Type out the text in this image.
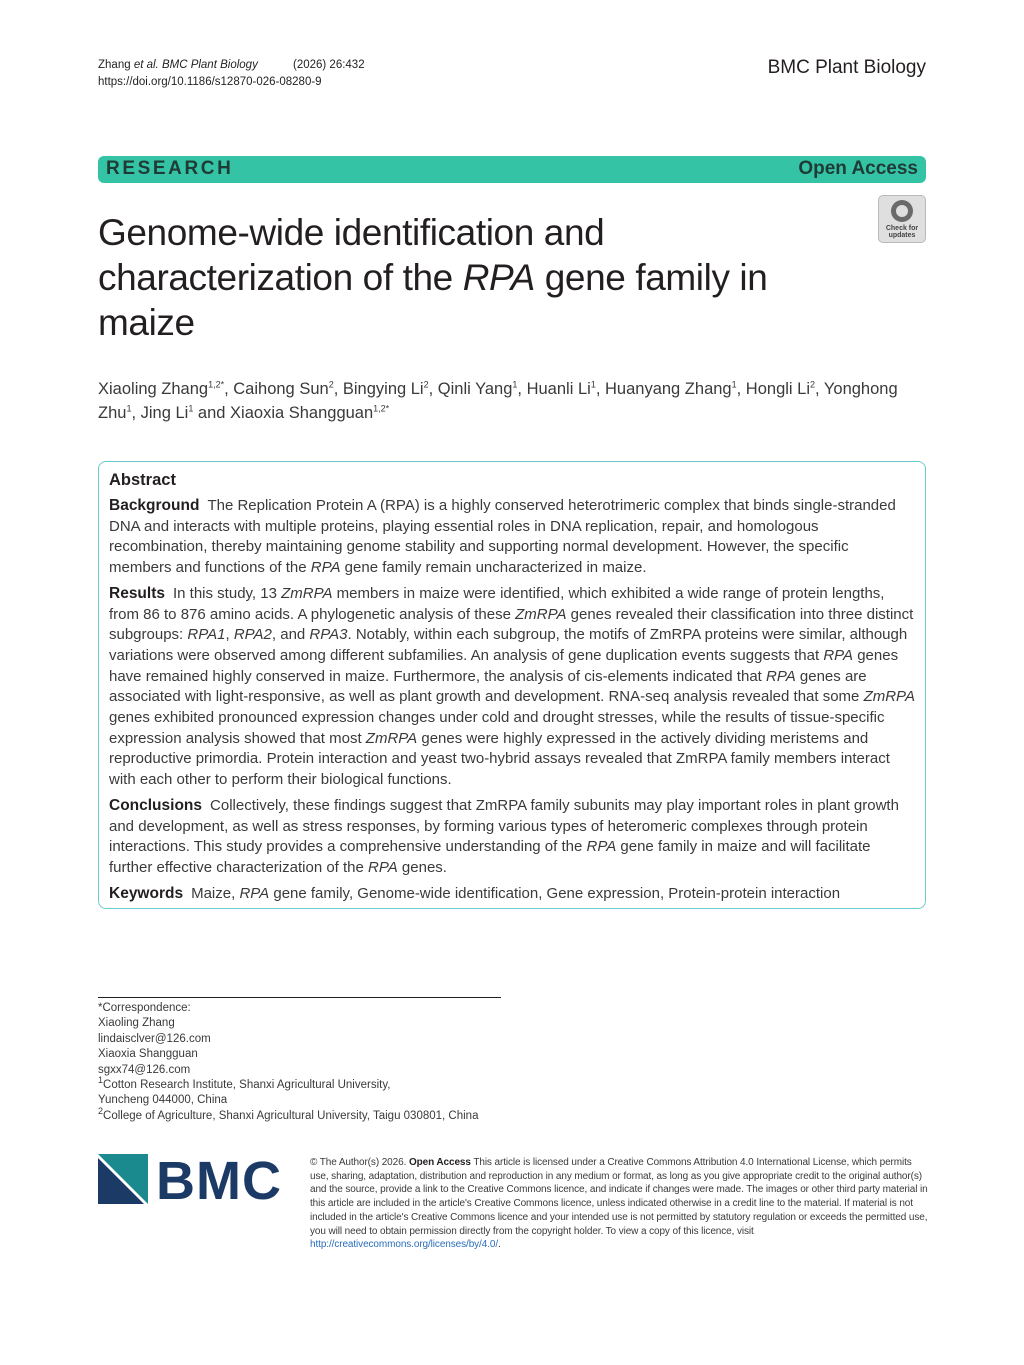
Zhang et al. BMC Plant Biology	(2026) 26:432
https://doi.org/10.1186/s12870-026-08280-9
BMC Plant Biology
RESEARCH	Open Access
Genome-wide identification and characterization of the RPA gene family in maize
Check for
updates
Xiaoling Zhang$^{1,2*}$, Caihong Sun$^2$, Bingying Li$^2$, Qinli Yang$^1$, Huanli Li$^1$, Huanyang Zhang$^1$, Hongli Li$^2$, Yonghong Zhu$^1$, Jing Li$^1$ and Xiaoxia Shangguan$^{1,2*}$
Abstract

Background The Replication Protein A (RPA) is a highly conserved heterotrimeric complex that binds single-stranded DNA and interacts with multiple proteins, playing essential roles in DNA replication, repair, and homologous recombination, thereby maintaining genome stability and supporting normal development. However, the specific members and functions of the RPA gene family remain uncharacterized in maize.

Results In this study, 13 ZmRPA members in maize were identified, which exhibited a wide range of protein lengths, from 86 to 876 amino acids. A phylogenetic analysis of these ZmRPA genes revealed their classification into three distinct subgroups: RPA1, RPA2, and RPA3. Notably, within each subgroup, the motifs of ZmRPA proteins were similar, although variations were observed among different subfamilies. An analysis of gene duplication events suggests that RPA genes have remained highly conserved in maize. Furthermore, the analysis of cis-elements indicated that RPA genes are associated with light-responsive, as well as plant growth and development. RNA-seq analysis revealed that some ZmRPA genes exhibited pronounced expression changes under cold and drought stresses, while the results of tissue-specific expression analysis showed that most ZmRPA genes were highly expressed in the actively dividing meristems and reproductive primordia. Protein interaction and yeast two-hybrid assays revealed that ZmRPA family members interact with each other to perform their biological functions.

Conclusions Collectively, these findings suggest that ZmRPA family subunits may play important roles in plant growth and development, as well as stress responses, by forming various types of heteromeric complexes through protein interactions. This study provides a comprehensive understanding of the RPA gene family in maize and will facilitate further effective characterization of the RPA genes.

Keywords Maize, RPA gene family, Genome-wide identification, Gene expression, Protein-protein interaction

*Correspondence:
Xiaoling Zhang
lindaisclver@126.com
Xiaoxia Shangguan
sgxx74@126.com
$^1$Cotton Research Institute, Shanxi Agricultural University,
Yuncheng 044000, China
$^2$College of Agriculture, Shanxi Agricultural University, Taigu 030801, China
BMC	© The Author(s) 2026. Open Access This article is licensed under a Creative Commons Attribution 4.0 International License, which permits use, sharing, adaptation, distribution and reproduction in any medium or format, as long as you give appropriate credit to the original author(s) and the source, provide a link to the Creative Commons licence, and indicate if changes were made. The images or other third party material in this article are included in the article's Creative Commons licence, unless indicated otherwise in a credit line to the material. If material is not included in the article's Creative Commons licence and your intended use is not permitted by statutory regulation or exceeds the permitted use, you will need to obtain permission directly from the copyright holder. To view a copy of this licence, visit http://creativecommons.org/licenses/by/4.0/.
